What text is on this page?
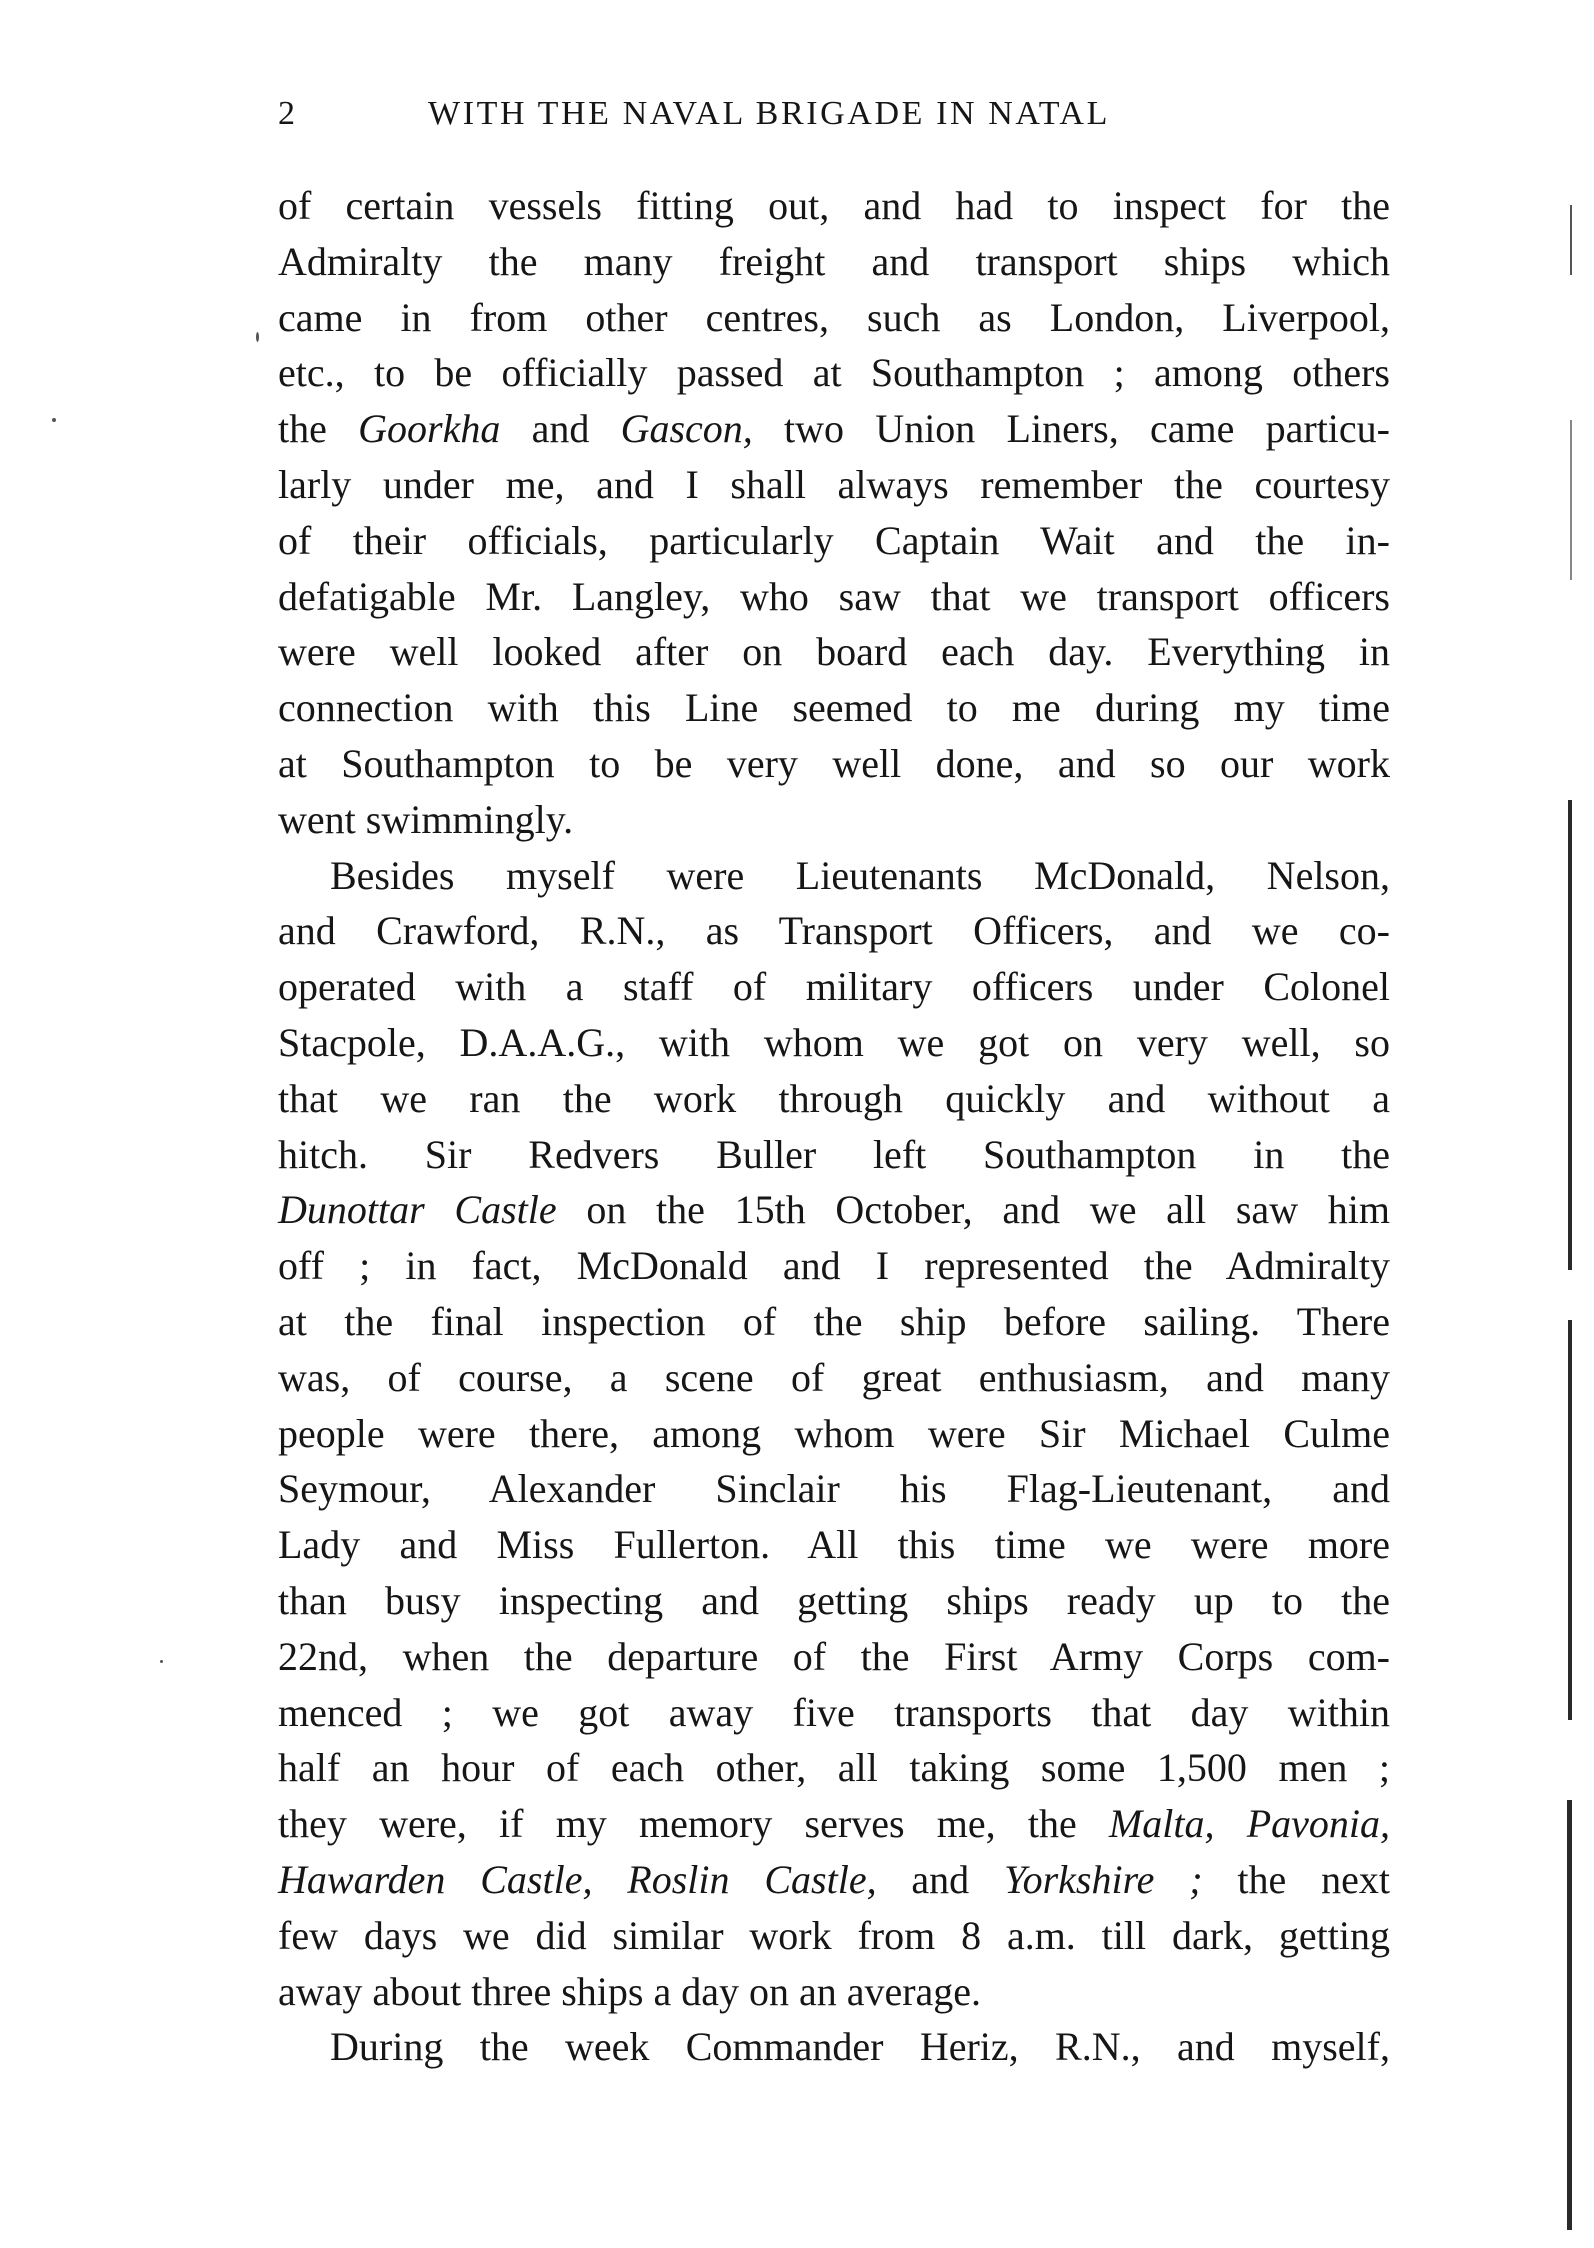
2	WITH THE NAVAL BRIGADE IN NATAL
of certain vessels fitting out, and had to inspect for the
Admiralty the many freight and transport ships which
came in from other centres, such as London, Liverpool,
etc., to be officially passed at Southampton ; among others
the Goorkha and Gascon, two Union Liners, came particu-
larly under me, and I shall always remember the courtesy
of their officials, particularly Captain Wait and the in-
defatigable Mr. Langley, who saw that we transport officers
were well looked after on board each day. Everything in
connection with this Line seemed to me during my time
at Southampton to be very well done, and so our work
went swimmingly.
Besides myself were Lieutenants McDonald, Nelson,
and Crawford, R.N., as Transport Officers, and we co-
operated with a staff of military officers under Colonel
Stacpole, D.A.A.G., with whom we got on very well, so
that we ran the work through quickly and without a
hitch. Sir Redvers Buller left Southampton in the
Dunottar Castle on the 15th October, and we all saw him
off ; in fact, McDonald and I represented the Admiralty
at the final inspection of the ship before sailing. There
was, of course, a scene of great enthusiasm, and many
people were there, among whom were Sir Michael Culme
Seymour, Alexander Sinclair his Flag-Lieutenant, and
Lady and Miss Fullerton. All this time we were more
than busy inspecting and getting ships ready up to the
22nd, when the departure of the First Army Corps com-
menced ; we got away five transports that day within
half an hour of each other, all taking some 1,500 men ;
they were, if my memory serves me, the Malta, Pavonia,
Hawarden Castle, Roslin Castle, and Yorkshire ; the next
few days we did similar work from 8 a.m. till dark, getting
away about three ships a day on an average.
During the week Commander Heriz, R.N., and myself,
